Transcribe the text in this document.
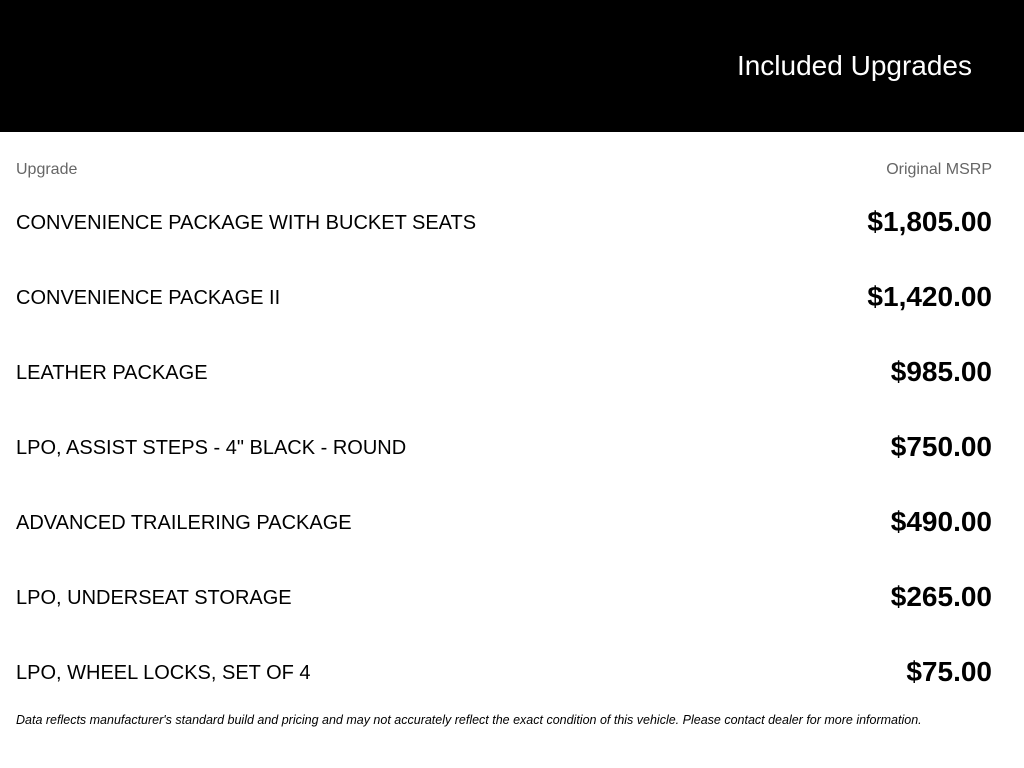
Included Upgrades
Upgrade	Original MSRP
CONVENIENCE PACKAGE WITH BUCKET SEATS	$1,805.00
CONVENIENCE PACKAGE II	$1,420.00
LEATHER PACKAGE	$985.00
LPO, ASSIST STEPS - 4" BLACK - ROUND	$750.00
ADVANCED TRAILERING PACKAGE	$490.00
LPO, UNDERSEAT STORAGE	$265.00
LPO, WHEEL LOCKS, SET OF 4	$75.00
Data reflects manufacturer's standard build and pricing and may not accurately reflect the exact condition of this vehicle. Please contact dealer for more information.
